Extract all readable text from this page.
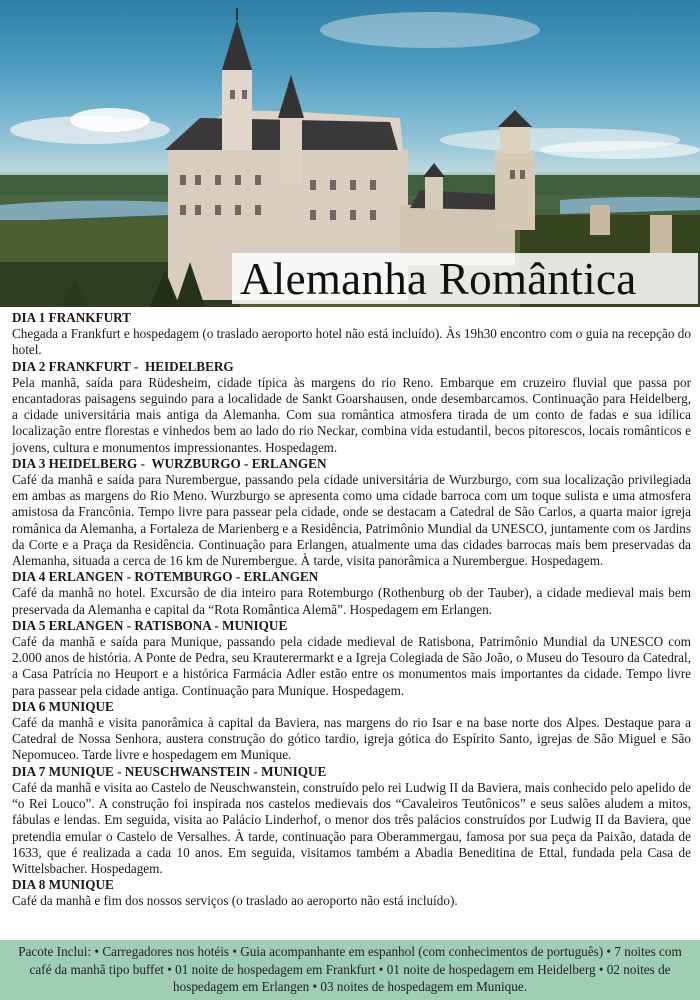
Alemanha Romântica
DIA 1 FRANKFURT

Chegada a Frankfurt e hospedagem (o traslado aeroporto hotel não está incluído). Às 19h30 encontro com o guia na recepção do hotel.

DIA 2 FRANKFURT -  HEIDELBERG

Pela manhã, saída para Rüdesheim, cidade típica às margens do rio Reno. Embarque em cruzeiro fluvial que passa por encantadoras paisagens seguindo para a localidade de Sankt Goarshausen, onde desembarcamos. Continuação para Heidelberg, a cidade universitária mais antiga da Alemanha. Com sua romântica atmosfera tirada de um conto de fadas e sua idílica localização entre florestas e vinhedos bem ao lado do rio Neckar, combina vida estudantil, becos pitorescos, locais românticos e jovens, cultura e monumentos impressionantes. Hospedagem.

DIA 3 HEIDELBERG -  WURZBURGO - ERLANGEN

Café da manhã e saída para Nurembergue, passando pela cidade universitária de Wurzburgo, com sua localização privilegiada em ambas as margens do Rio Meno. Wurzburgo se apresenta como uma cidade barroca com um toque sulista e uma atmosfera amistosa da Francônia. Tempo livre para passear pela cidade, onde se destacam a Catedral de São Carlos, a quarta maior igreja românica da Alemanha, a Fortaleza de Marienberg e a Residência, Patrimônio Mundial da UNESCO, juntamente com os Jardins da Corte e a Praça da Residência. Continuação para Erlangen, atualmente uma das cidades barrocas mais bem preservadas da Alemanha, situada a cerca de 16 km de Nurembergue. À tarde, visita panorâmica a Nurembergue. Hospedagem.

DIA 4 ERLANGEN - ROTEMBURGO - ERLANGEN

Café da manhã no hotel. Excursão de dia inteiro para Rotemburgo (Rothenburg ob der Tauber), a cidade medieval mais bem preservada da Alemanha e capital da “Rota Romântica Alemã”. Hospedagem em Erlangen.

DIA 5 ERLANGEN - RATISBONA - MUNIQUE

Café da manhã e saída para Munique, passando pela cidade medieval de Ratisbona, Patrimônio Mundial da UNESCO com 2.000 anos de história. A Ponte de Pedra, seu Krauterermarkt e a Igreja Colegiada de São João, o Museu do Tesouro da Catedral, a Casa Patrícia no Heuport e a histórica Farmácia Adler estão entre os monumentos mais importantes da cidade. Tempo livre para passear pela cidade antiga. Continuação para Munique. Hospedagem.

DIA 6 MUNIQUE

Café da manhã e visita panorâmica à capital da Baviera, nas margens do rio Isar e na base norte dos Alpes. Destaque para a Catedral de Nossa Senhora, austera construção do gótico tardio, igreja gótica do Espírito Santo, igrejas de São Miguel e São Nepomuceo. Tarde livre e hospedagem em Munique.

DIA 7 MUNIQUE - NEUSCHWANSTEIN - MUNIQUE

Café da manhã e visita ao Castelo de Neuschwanstein, construído pelo rei Ludwig II da Baviera, mais conhecido pelo apelido de “o Rei Louco”. A construção foi inspirada nos castelos medievais dos “Cavaleiros Teutônicos” e seus salões aludem a mitos, fábulas e lendas. Em seguida, visita ao Palácio Linderhof, o menor dos três palácios construídos por Ludwig II da Baviera, que pretendia emular o Castelo de Versalhes. À tarde, continuação para Oberammergau, famosa por sua peça da Paixão, datada de 1633, que é realizada a cada 10 anos. Em seguida, visitamos também a Abadia Beneditina de Ettal, fundada pela Casa de Wittelsbacher. Hospedagem.

DIA 8 MUNIQUE

Café da manhã e fim dos nossos serviços (o traslado ao aeroporto não está incluído).

Pacote Inclui: • Carregadores nos hotéis • Guia acompanhante em espanhol (com conhecimentos de português) • 7 noites com café da manhã tipo buffet • 01 noite de hospedagem em Frankfurt • 01 noite de hospedagem em Heidelberg • 02 noites de hospedagem em Erlangen • 03 noites de hospedagem em Munique.
